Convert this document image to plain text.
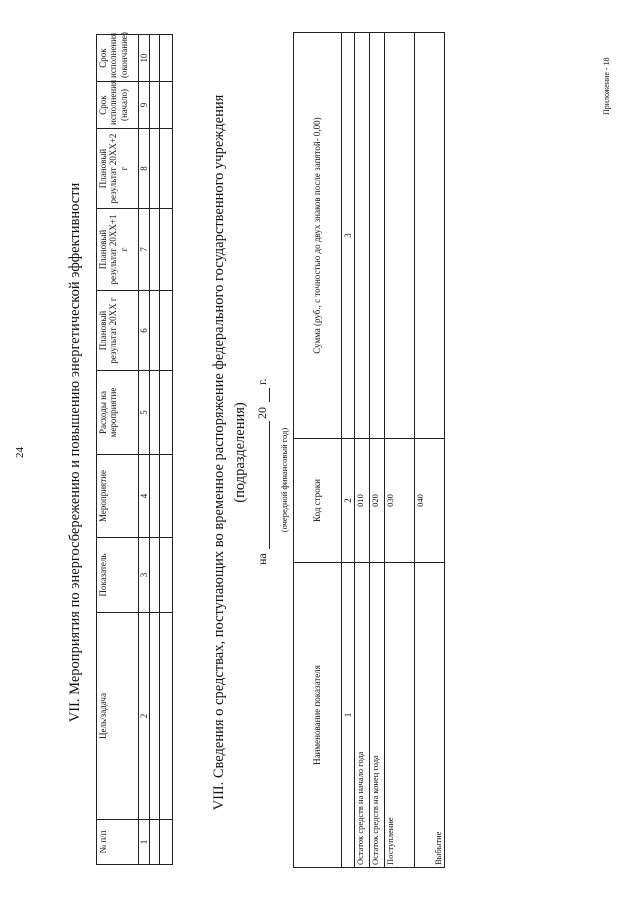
24	VII. Мероприятия по энергосбережению и повышению энергетической эффективности
№ п/п	Цель/задача	Показатель	Мероприятие	Расходы на мероприятие	Плановый результат 20XX г	Плановый результат 20XX+1 г	Плановый результат 20XX+2 г	Срок исполнения (начало)	Срок исполнения (окончание)
1	2	3	4	5	6	7	8	9	10

VIII. Сведения о средствах, поступающих во временное распоряжение федерального государственного учреждения (подразделения)
на
20
г.
(очередной финансовый год)
Наименование показателя	Код строки	Сумма (руб., с точностью до двух знаков после запятой- 0,00)
1	2	3
Остаток средств на начало года	010	
Остаток средств на конец года	020	
Поступление	030	
Выбытие	040	
Приложение - 18
